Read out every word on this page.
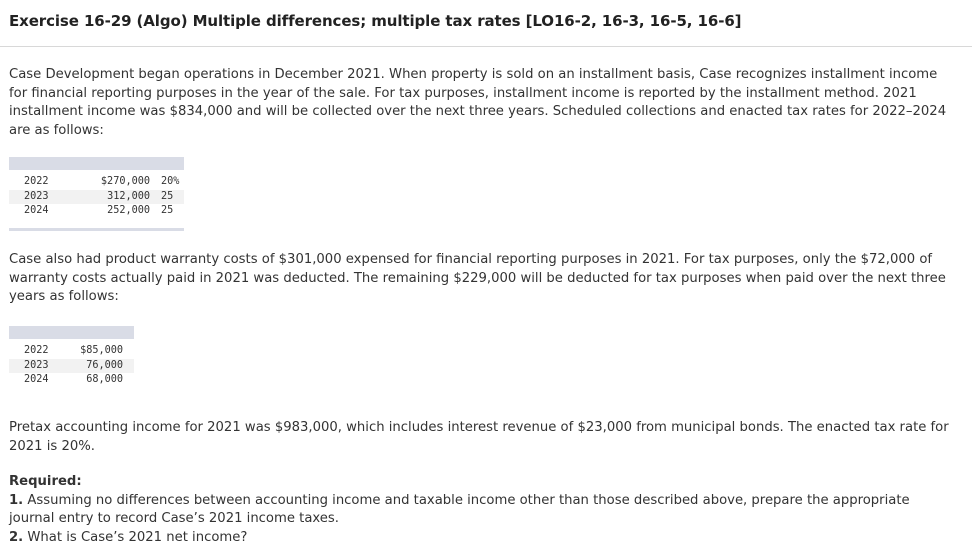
Exercise 16-29 (Algo) Multiple differences; multiple tax rates [LO16-2, 16-3, 16-5, 16-6]

Case Development began operations in December 2021. When property is sold on an installment basis, Case recognizes installment income for financial reporting purposes in the year of the sale. For tax purposes, installment income is reported by the installment method. 2021 installment income was $834,000 and will be collected over the next three years. Scheduled collections and enacted tax rates for 2022–2024 are as follows:

2022	$270,000	20%
2023	312,000	25
2024	252,000	25

Case also had product warranty costs of $301,000 expensed for financial reporting purposes in 2021. For tax purposes, only the $72,000 of warranty costs actually paid in 2021 was deducted. The remaining $229,000 will be deducted for tax purposes when paid over the next three years as follows:

2022	$85,000
2023	76,000
2024	68,000

Pretax accounting income for 2021 was $983,000, which includes interest revenue of $23,000 from municipal bonds. The enacted tax rate for 2021 is 20%.

Required:
1. Assuming no differences between accounting income and taxable income other than those described above, prepare the appropriate journal entry to record Case’s 2021 income taxes.
2. What is Case’s 2021 net income?
